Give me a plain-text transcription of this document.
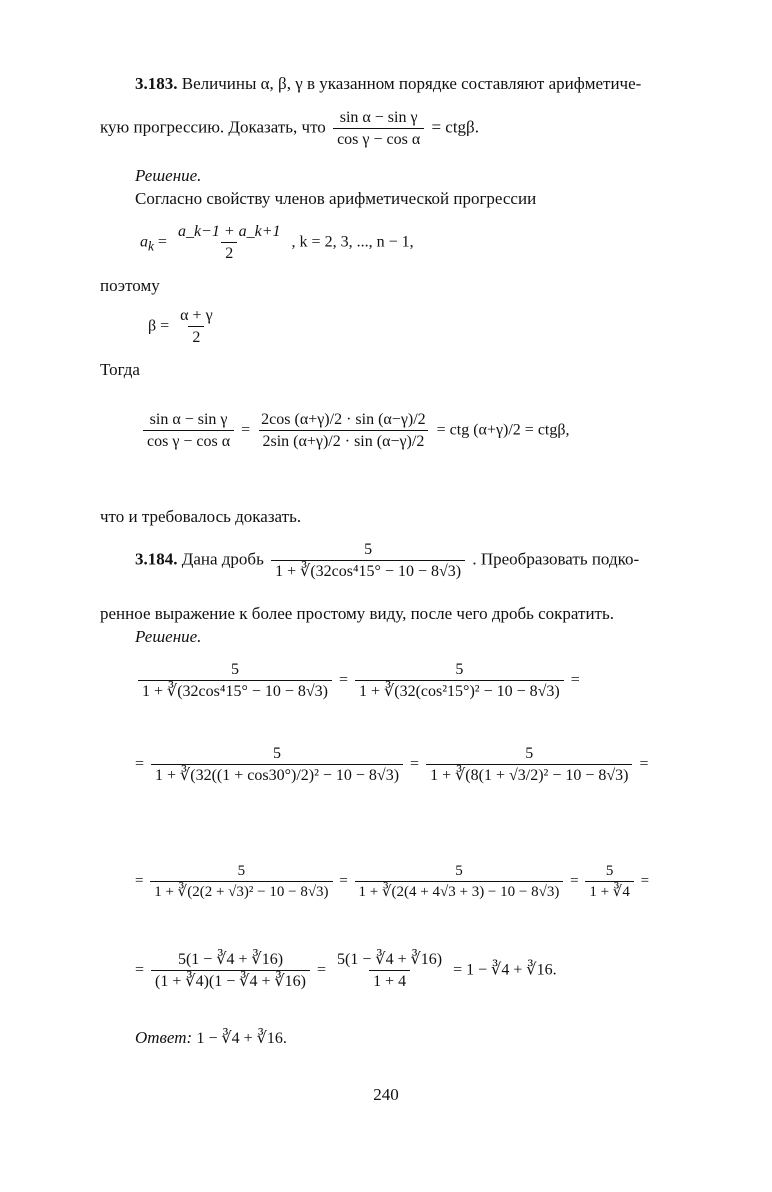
3.183. Величины α, β, γ в указанном порядке составляют арифметиче-
кую прогрессию. Доказать, что $\frac{\text{sin α − sin γ}}{\text{cos γ − cos α}} = ctg\beta$.
Решение.
Согласно свойству членов арифметической прогрессии
$a_k = \frac{a\_k-1 + a\_k+1}{2}$ , k = 2, 3, ..., n − 1,
поэтому
$\beta = \frac{\alpha + \gamma}{2}$
Тогда
$\frac{\text{sin α − sin γ}}{\text{cos γ − cos α}} = \frac{2\cos (\alpha+\gamma)/2 \cdot \sin (\alpha-\gamma)/2}{2\sin (\alpha+\gamma)/2 \cdot \sin (\alpha-\gamma)/2}$ = ctg (α+γ)/2 = ctgβ,
что и требовалось доказать.
3.184. Дана дробь $\frac{5}{\text{1 + ∛(32cos⁴15° − 10 − 8√3)}}$ . Преобразовать подко-
ренное выражение к более простому виду, после чего дробь сократить.
Решение.
$\frac{5}{\text{1 + ∛(32cos⁴15° − 10 − 8√3)}} = \frac{5}{\text{1 + ∛(32(cos²15°)² − 10 − 8√3)}}$ =
= $\frac{5}{\text{1 + ∛(32((1 + cos30°)/2)² − 10 − 8√3)}} = \frac{5}{\text{1 + ∛(8(1 + √3/2)² − 10 − 8√3)}}$ =
= $\frac{5}{\text{1 + ∛(2(2 + √3)² − 10 − 8√3)}} = \frac{5}{1 + ∛(2(4 + 4√3 + 3) - 10 - 8√3)} = \frac{5}{1 + ∛4}$ =
= $\frac{5(1 - ∛4 + ∛16)}{(1 + ∛4)(1 - ∛4 + ∛16)} = \frac{5(1 - ∛4 + ∛16)}{1 + 4} = 1$ − ∛4 + ∛16.
Ответ: 1 − ∛4 + ∛16.
240
